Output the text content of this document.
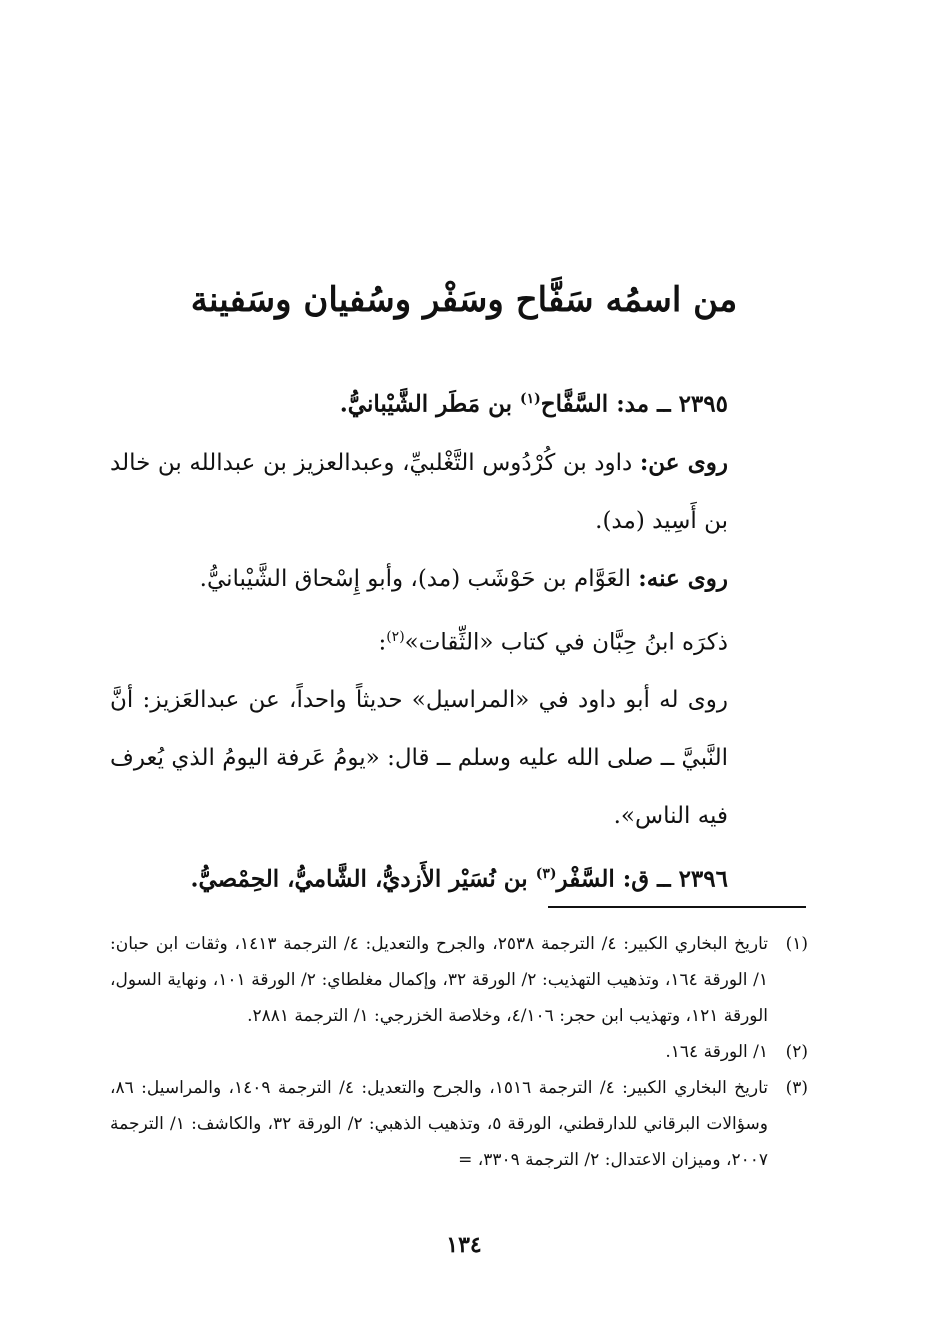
من اسمُه سَفَّاح وسَفْر وسُفيان وسَفينة

٢٣٩٥ ــ مد: السَّفَّاح$^{(١)}$ بن مَطَر الشَّيْبانيُّ.

روى عن: داود بن كُرْدُوس التَّغْلبيِّ، وعبدالعزيز بن عبدالله بن خالد بن أَسِيد (مد).

روى عنه: العَوَّام بن حَوْشَب (مد)، وأبو إِسْحاق الشَّيْبانيُّ.

ذكرَه ابنُ حِبَّان في كتاب «الثِّقات»$^{(٢)}$:

روى له أبو داود في «المراسيل» حديثاً واحداً، عن عبدالعَزيز: أنَّ النَّبيَّ ــ صلى الله عليه وسلم ــ قال: «يومُ عَرفة اليومُ الذي يُعرف فيه الناس».

٢٣٩٦ ــ ق: السَّفْر$^{(٣)}$ بن نُسَيْر الأَزديُّ، الشَّاميُّ، الحِمْصيُّ.

(١)
تاريخ البخاري الكبير: ٤/ الترجمة ٢٥٣٨، والجرح والتعديل: ٤/ الترجمة ١٤١٣، وثقات ابن حبان: ١/ الورقة ١٦٤، وتذهيب التهذيب: ٢/ الورقة ٣٢، وإكمال مغلطاي: ٢/ الورقة ١٠١، ونهاية السول، الورقة ١٢١، وتهذيب ابن حجر: ٤/١٠٦، وخلاصة الخزرجي: ١/ الترجمة ٢٨٨١.
(٢)
١/ الورقة ١٦٤.
(٣)
تاريخ البخاري الكبير: ٤/ الترجمة ١٥١٦، والجرح والتعديل: ٤/ الترجمة ١٤٠٩، والمراسيل: ٨٦، وسؤالات البرقاني للدارقطني، الورقة ٥، وتذهيب الذهبي: ٢/ الورقة ٣٢، والكاشف: ١/ الترجمة ٢٠٠٧، وميزان الاعتدال: ٢/ الترجمة ٣٣٠٩، =
١٣٤
